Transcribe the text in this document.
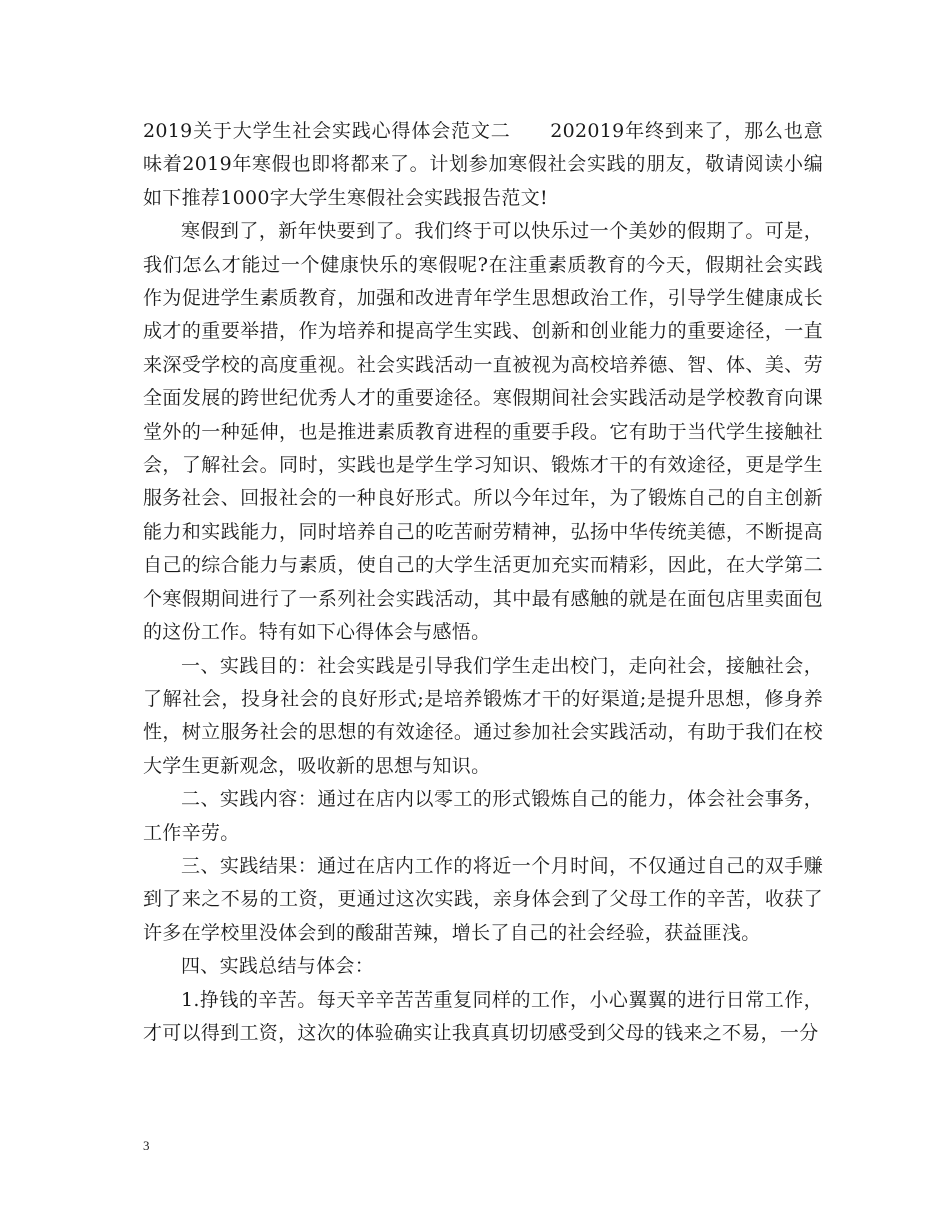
2019关于大学生社会实践心得体会范文二　　202019年终到来了，那么也意味着2019年寒假也即将都来了。计划参加寒假社会实践的朋友，敬请阅读小编如下推荐1000字大学生寒假社会实践报告范文!

寒假到了，新年快要到了。我们终于可以快乐过一个美妙的假期了。可是，我们怎么才能过一个健康快乐的寒假呢?在注重素质教育的今天，假期社会实践作为促进学生素质教育，加强和改进青年学生思想政治工作，引导学生健康成长成才的重要举措，作为培养和提高学生实践、创新和创业能力的重要途径，一直来深受学校的高度重视。社会实践活动一直被视为高校培养德、智、体、美、劳全面发展的跨世纪优秀人才的重要途径。寒假期间社会实践活动是学校教育向课堂外的一种延伸，也是推进素质教育进程的重要手段。它有助于当代学生接触社会，了解社会。同时，实践也是学生学习知识、锻炼才干的有效途径，更是学生服务社会、回报社会的一种良好形式。所以今年过年，为了锻炼自己的自主创新能力和实践能力，同时培养自己的吃苦耐劳精神，弘扬中华传统美德，不断提高自己的综合能力与素质，使自己的大学生活更加充实而精彩，因此，在大学第二个寒假期间进行了一系列社会实践活动，其中最有感触的就是在面包店里卖面包的这份工作。特有如下心得体会与感悟。

一、实践目的：社会实践是引导我们学生走出校门，走向社会，接触社会，了解社会，投身社会的良好形式;是培养锻炼才干的好渠道;是提升思想，修身养性，树立服务社会的思想的有效途径。通过参加社会实践活动，有助于我们在校大学生更新观念，吸收新的思想与知识。

二、实践内容：通过在店内以零工的形式锻炼自己的能力，体会社会事务，工作辛劳。

三、实践结果：通过在店内工作的将近一个月时间，不仅通过自己的双手赚到了来之不易的工资，更通过这次实践，亲身体会到了父母工作的辛苦，收获了许多在学校里没体会到的酸甜苦辣，增长了自己的社会经验，获益匪浅。

四、实践总结与体会：

1.挣钱的辛苦。每天辛辛苦苦重复同样的工作，小心翼翼的进行日常工作，才可以得到工资，这次的体验确实让我真真切切感受到父母的钱来之不易，一分

3
